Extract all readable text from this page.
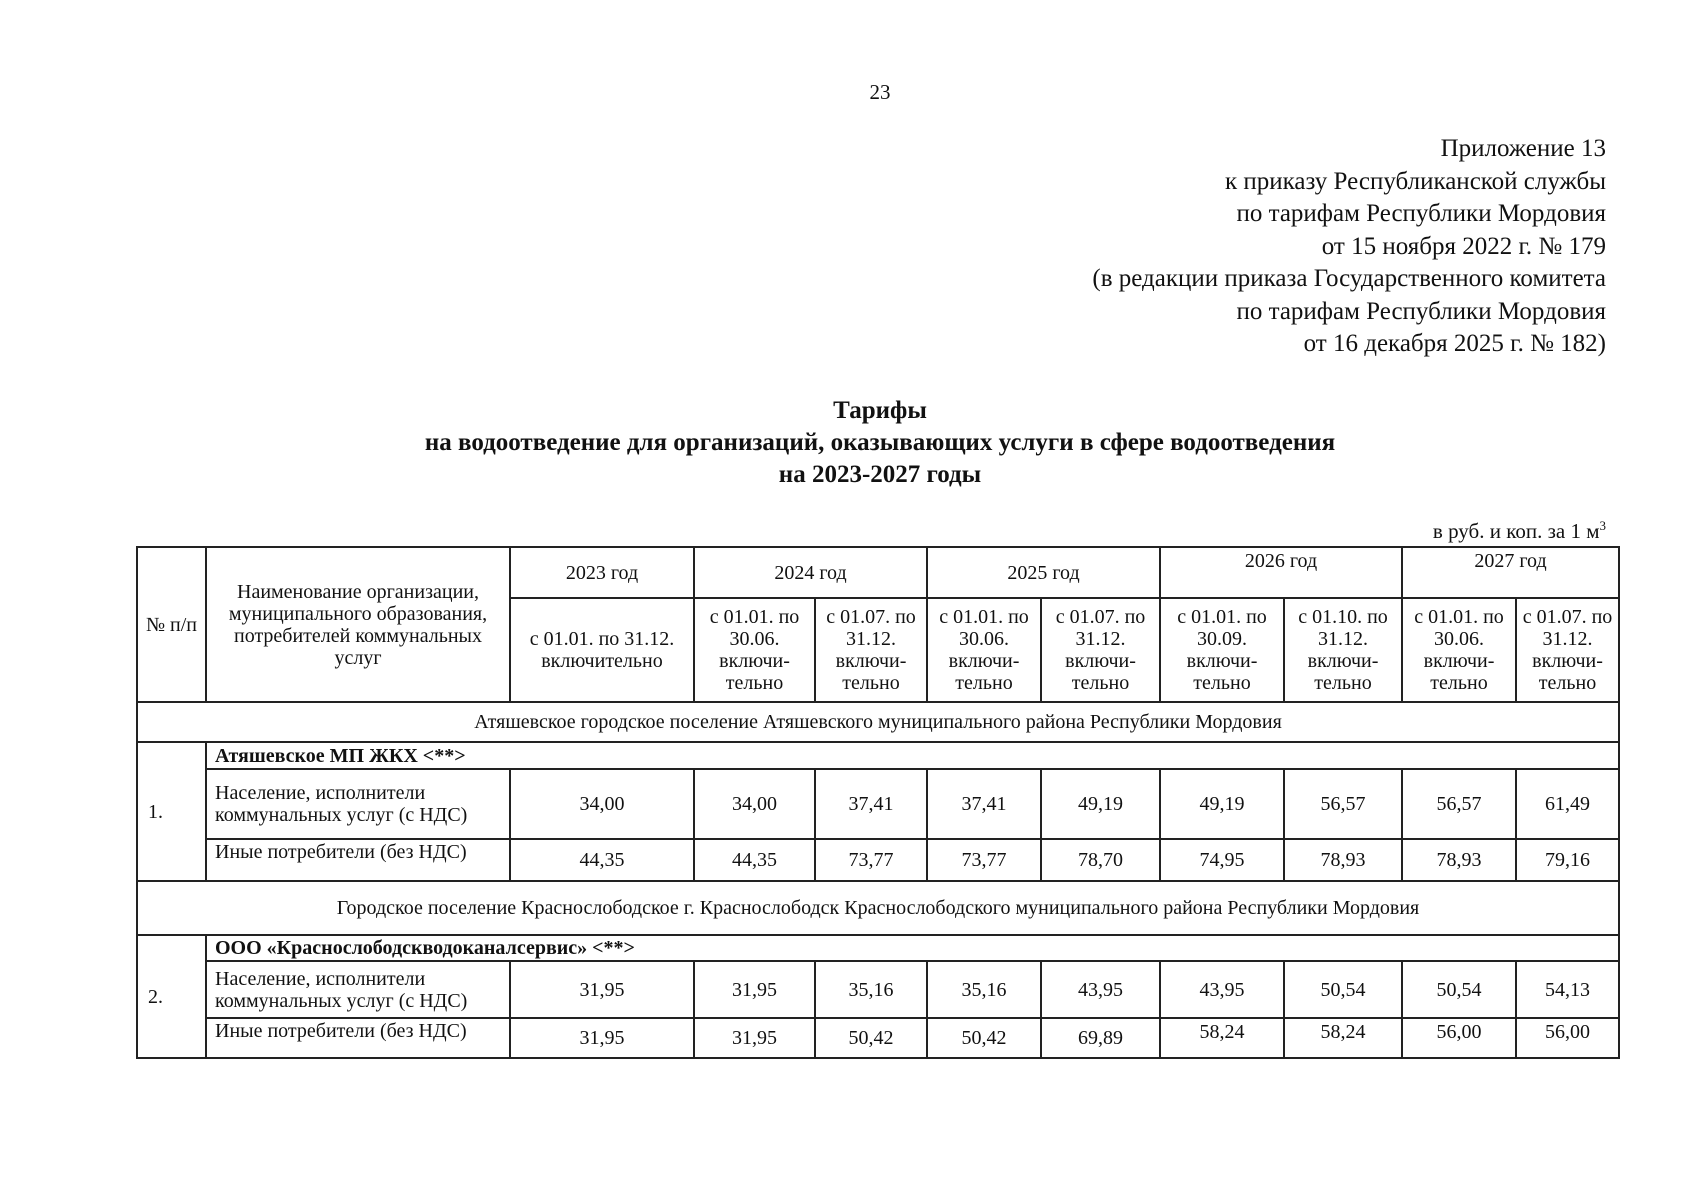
23
Приложение 13
к приказу Республиканской службы
по тарифам Республики Мордовия
от 15 ноября 2022 г. № 179
(в редакции приказа Государственного комитета
по тарифам Республики Мордовия
от 16 декабря 2025 г. № 182)
Тарифы
на водоотведение для организаций, оказывающих услуги в сфере водоотведения
на 2023-2027 годы
в руб. и коп. за 1 $м^3$
№ п/п	Наименование организации, муниципального образования, потребителей коммунальных услуг	2023 год	2024 год		2025 год		2026 год		2027 год	
		с 01.01. по 31.12. включительно	с 01.01. по 30.06. включи-тельно	с 01.07. по 31.12. включи-тельно	с 01.01. по 30.06. включи-тельно	с 01.07. по 31.12. включи-тельно	с 01.01. по 30.09. включи-тельно	с 01.10. по 31.12. включи-тельно	с 01.01. по 30.06. включи-тельно	с 01.07. по 31.12. включи-тельно
Атяшевское городское поселение Атяшевского муниципального района Республики Мордовия										
1.	Атяшевское МП ЖКХ <**>									
	Население, исполнители коммунальных услуг (с НДС)	34,00	34,00	37,41	37,41	49,19	49,19	56,57	56,57	61,49
	Иные потребители (без НДС)	44,35	44,35	73,77	73,77	78,70	74,95	78,93	78,93	79,16
Городское поселение Краснослободское г. Краснослободск Краснослободского муниципального района Республики Мордовия										
2.	ООО «Краснослободскводоканалсервис» <**>									
	Население, исполнители коммунальных услуг (с НДС)	31,95	31,95	35,16	35,16	43,95	43,95	50,54	50,54	54,13
	Иные потребители (без НДС)	31,95	31,95	50,42	50,42	69,89	58,24	58,24	56,00	56,00
